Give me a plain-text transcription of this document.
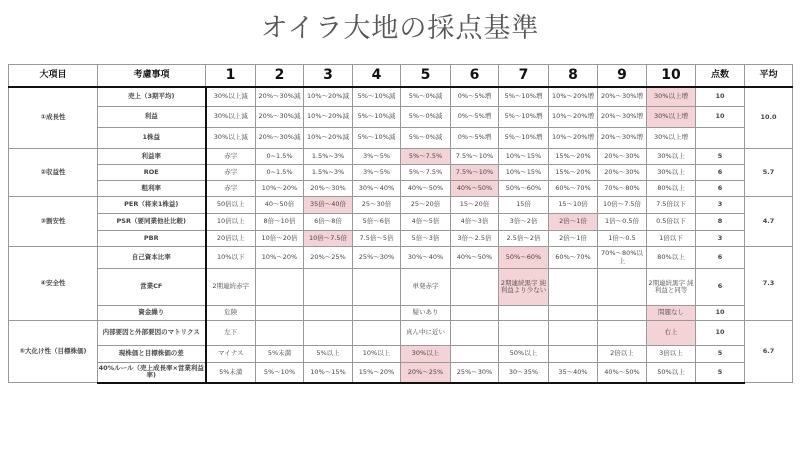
オイラ大地の採点基準
大項目	考慮事項	1	2	3	4	5	6	7	8	9	10	点数	平均
①成長性	売上（3期平均)	30%以上減	20%〜30%減	10%〜20%減	5%〜10%減	5%〜0%減	0%〜5%増	5%〜10%増	10%〜20%増	20%〜30%増	30%以上増	10	10.0
	利益	30%以上減	20%〜30%減	10%〜20%減	5%〜10%減	5%〜0%減	0%〜5%増	5%〜10%増	10%〜20%増	20%〜30%増	30%以上増	10	
	1株益	30%以上減	20%〜30%減	10%〜20%減	5%〜10%減	5%〜0%減	0%〜5%増	5%〜10%増	10%〜20%増	20%〜30%増	30%以上増		
②収益性	利益率	赤字	0~1.5%	1.5%~3%	3%〜5%	5%〜7.5%	7.5%〜10%	10%〜15%	15%〜20%	20%〜30%	30%以上	5	5.7
	ROE	赤字	0~1.5%	1.5%~3%	3%〜5%	5%〜7.5%	7.5%〜10%	10%〜15%	15%〜20%	20%〜30%	30%以上	6	
	粗利率	赤字	10%〜20%	20%〜30%	30%〜40%	40%〜50%	40%〜50%	50%〜60%	60%〜70%	70%〜80%	80%以上	6	
③割安性	PER（将来1株益)	50倍以上	40〜50倍	35倍〜40倍	25〜30倍	25〜20倍	15〜20倍	15倍	15〜10倍	10倍〜7.5倍	7.5倍以下	3	4.7
	PSR（要同業他社比較)	10倍以上	8倍〜10倍	6倍〜8倍	5倍〜6倍	4倍〜5倍	4倍〜3倍	3倍〜2倍	2倍〜1倍	1倍〜0.5倍	0.5倍以下	8	
	PBR	20倍以上	10倍〜20倍	10倍〜7.5倍	7.5倍〜5倍	5倍〜3倍	3倍〜2.5倍	2.5倍〜2倍	2倍〜1倍	1倍〜0.5	1倍以下	3	
④安全性	自己資本比率	10%以下	10%〜20%	20%〜25%	25%〜30%	30%〜40%	40%〜50%	50%〜60%	60%〜70%	70%〜80%以上	80%以上	6	7.3
	営業CF	2期連続赤字				単発赤字		2期連続黒字 純利益より少ない			2期連続黒字 純利益と同等	6	
	資金繰り	危険				疑いあり					問題なし	10	
⑤大化け性（目標株価)	内部要因と外部要因のマトリクス	左下				真ん中に近い					右上	10	6.7
	現株価と目標株価の差	マイナス	5%未満	5%以上	10%以上	30%以上		50%以上		2倍以上	3倍以上	5	
	40%ルール（売上成長率×営業利益率)	5%未満	5%〜10%	10%〜15%	15%〜20%	20%〜25%	25%〜30%	30〜35%	35〜40%	40%〜50%	50%以上	5	
